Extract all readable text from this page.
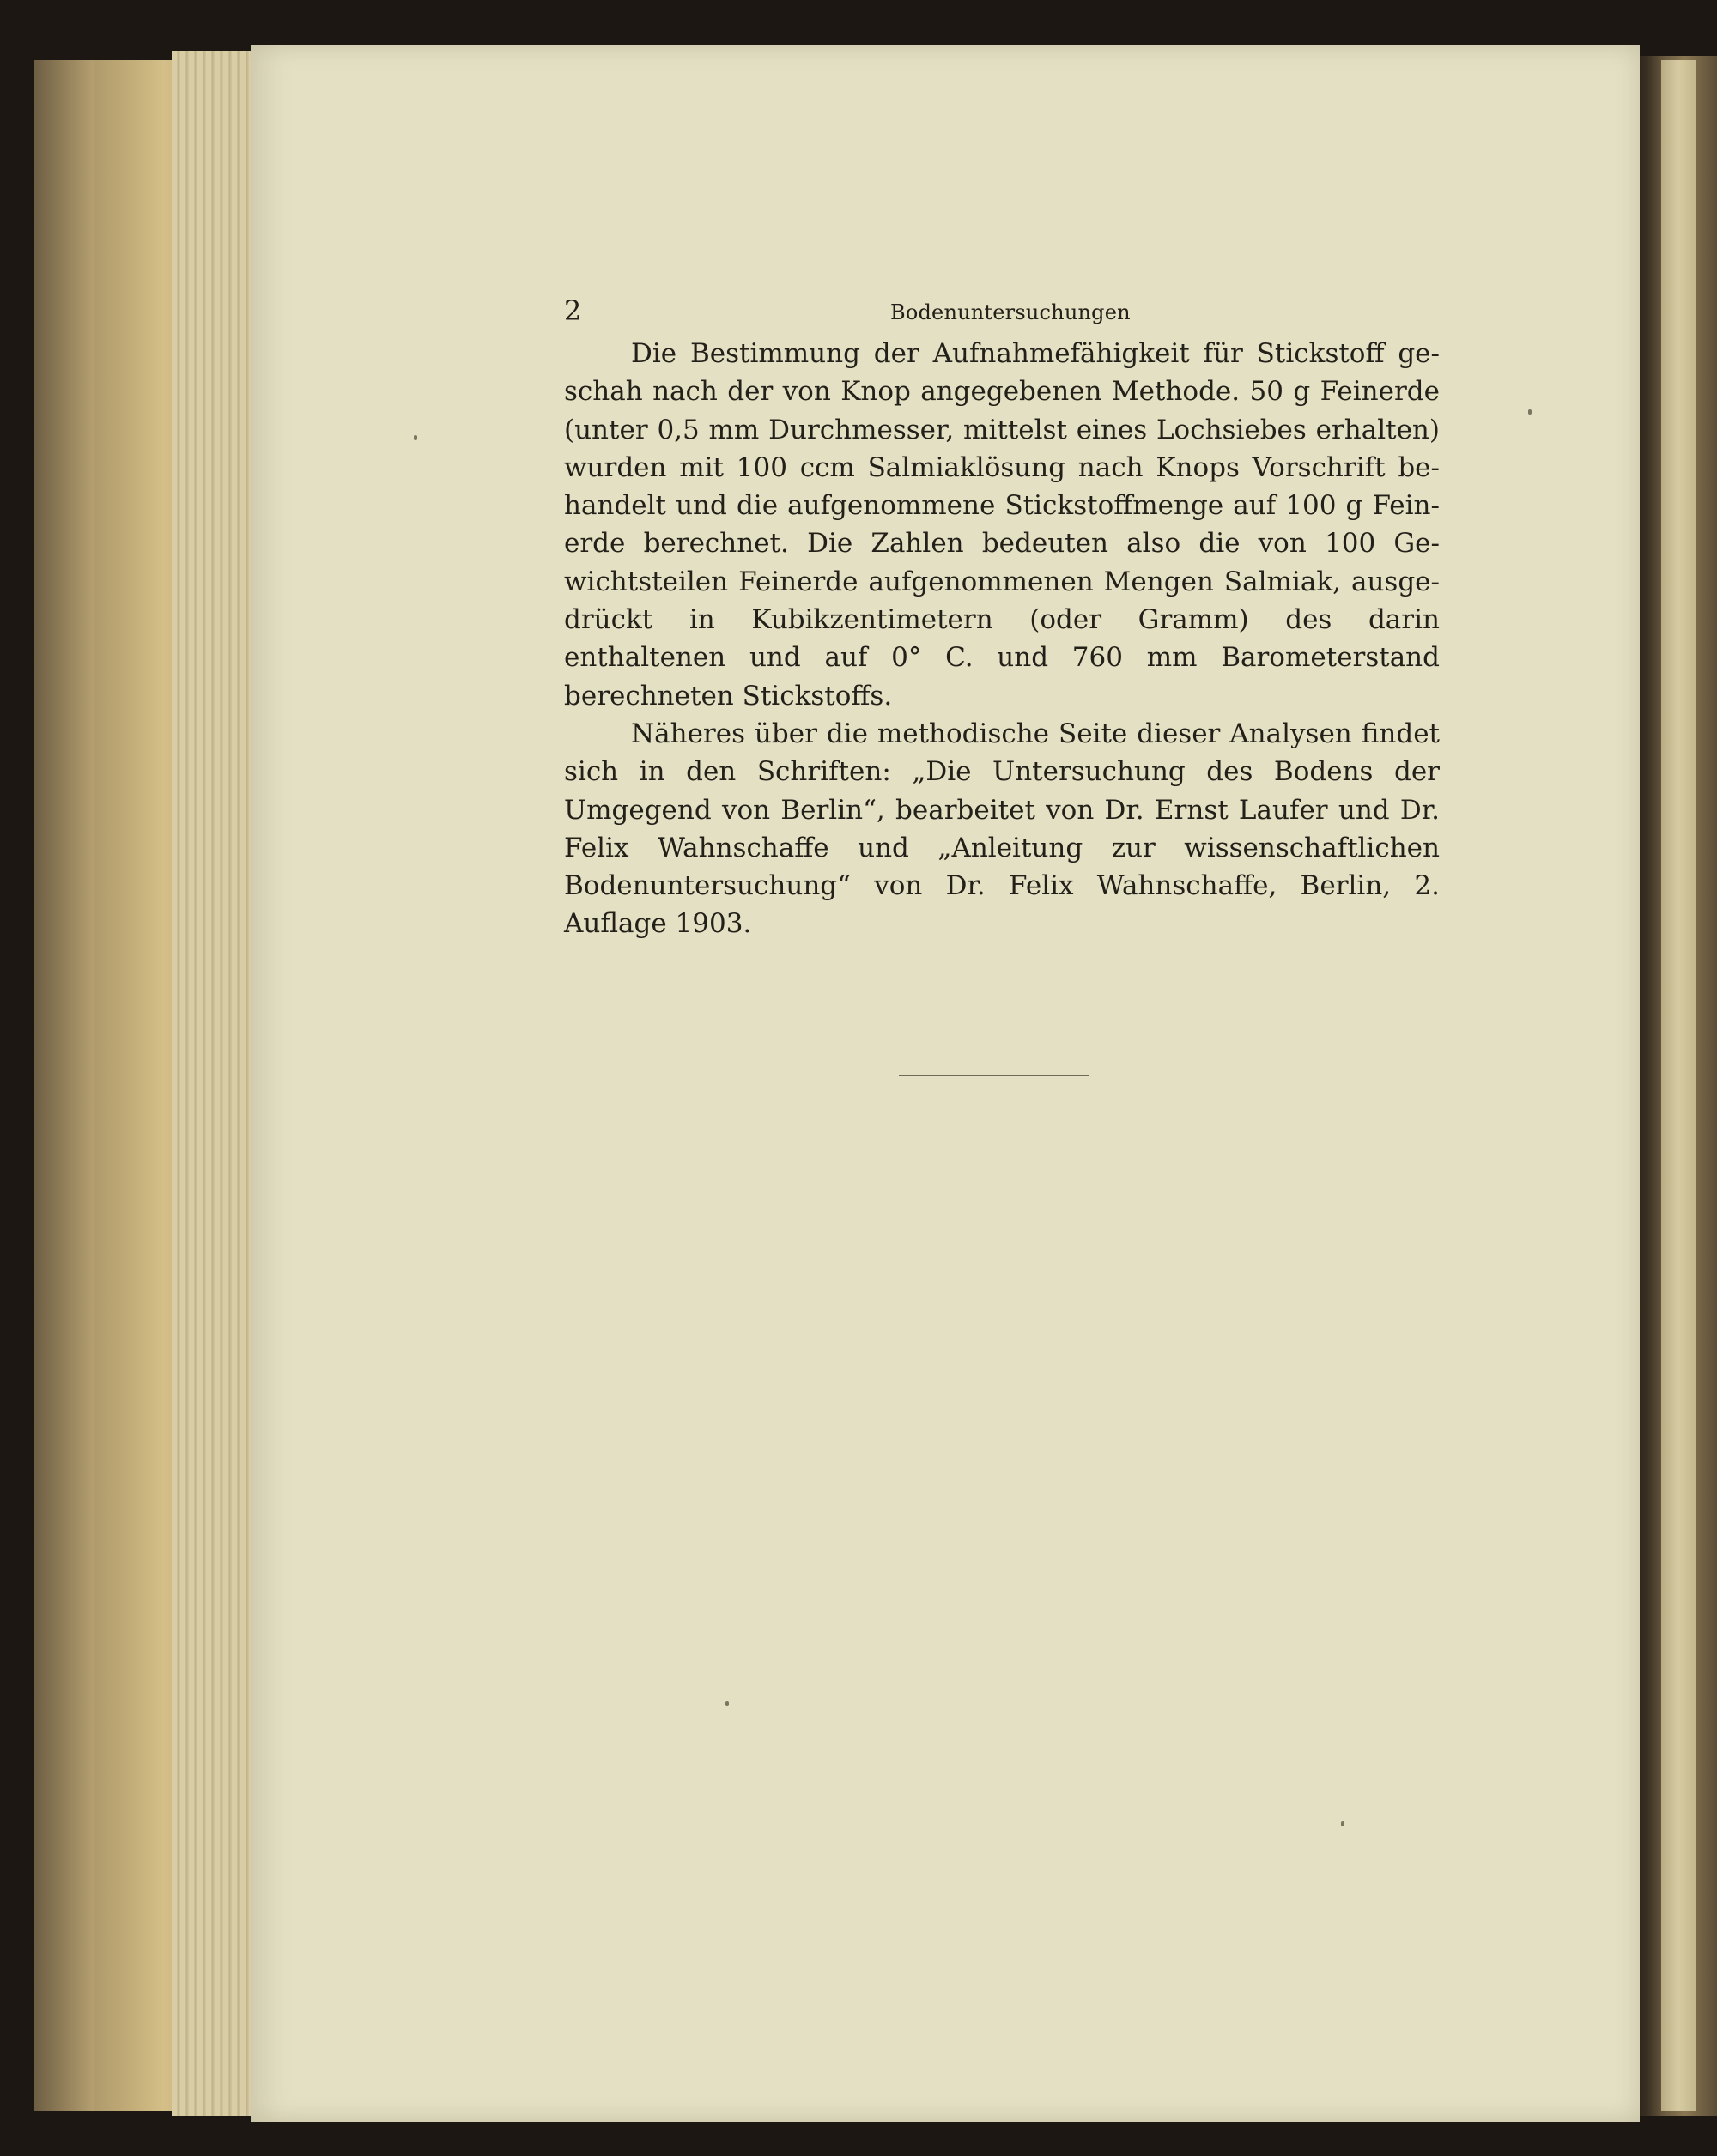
2	Bodenuntersuchungen

Die Bestimmung der Aufnahmefähigkeit für Stickstoff ge-schah nach der von Knop angegebenen Methode. 50 g Feinerde (unter 0,5 mm Durchmesser, mittelst eines Lochsiebes erhalten) wurden mit 100 ccm Salmiaklösung nach Knops Vorschrift be-handelt und die aufgenommene Stickstoffmenge auf 100 g Fein-erde berechnet. Die Zahlen bedeuten also die von 100 Ge-wichtsteilen Feinerde aufgenommenen Mengen Salmiak, ausge-drückt in Kubikzentimetern (oder Gramm) des darin enthaltenen und auf 0° C. und 760 mm Barometerstand berechneten Stickstoffs.

Näheres über die methodische Seite dieser Analysen findet sich in den Schriften: „Die Untersuchung des Bodens der Umgegend von Berlin“, bearbeitet von Dr. Ernst Laufer und Dr. Felix Wahnschaffe und „Anleitung zur wissenschaftlichen Bodenuntersuchung“ von Dr. Felix Wahnschaffe, Berlin, 2. Auflage 1903.
